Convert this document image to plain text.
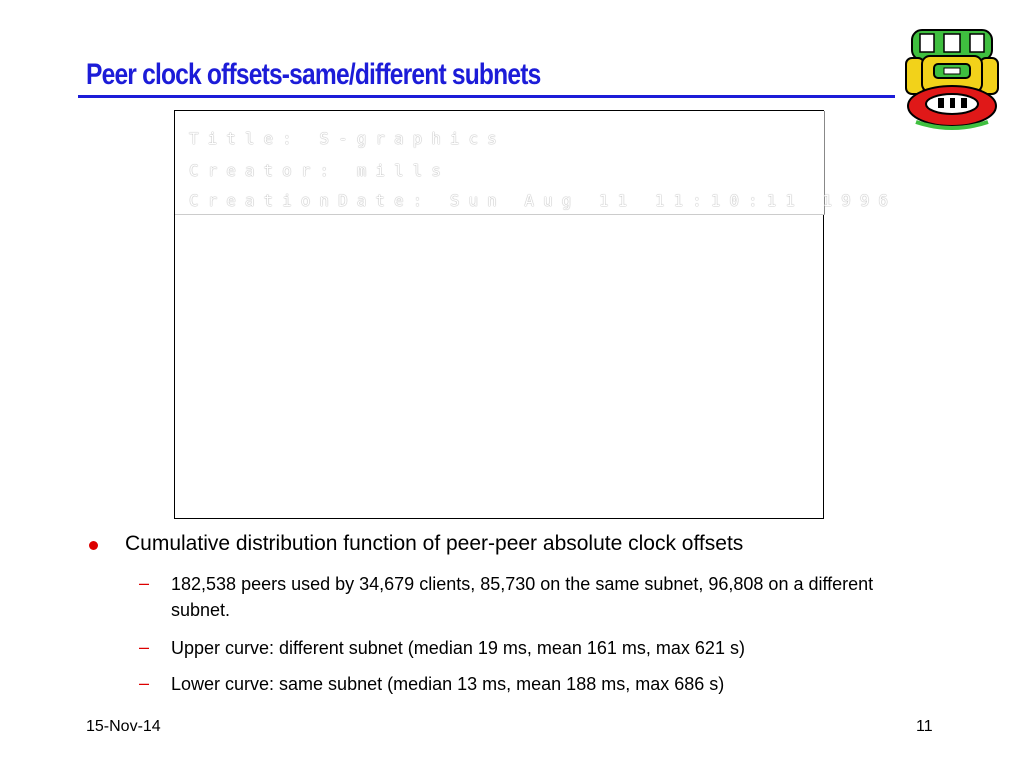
Peer clock offsets-same/different subnets
Title: S-graphics
Creator: mills
CreationDate: Sun Aug 11 11:10:11 1996
Cumulative distribution function of peer-peer absolute clock offsets
– 182,538 peers used by 34,679 clients, 85,730 on the same subnet, 96,808 on a different subnet.
– Upper curve: different subnet (median 19 ms, mean 161 ms, max 621 s)
– Lower curve: same subnet (median 13 ms, mean 188 ms, max 686 s)
15-Nov-14	11
